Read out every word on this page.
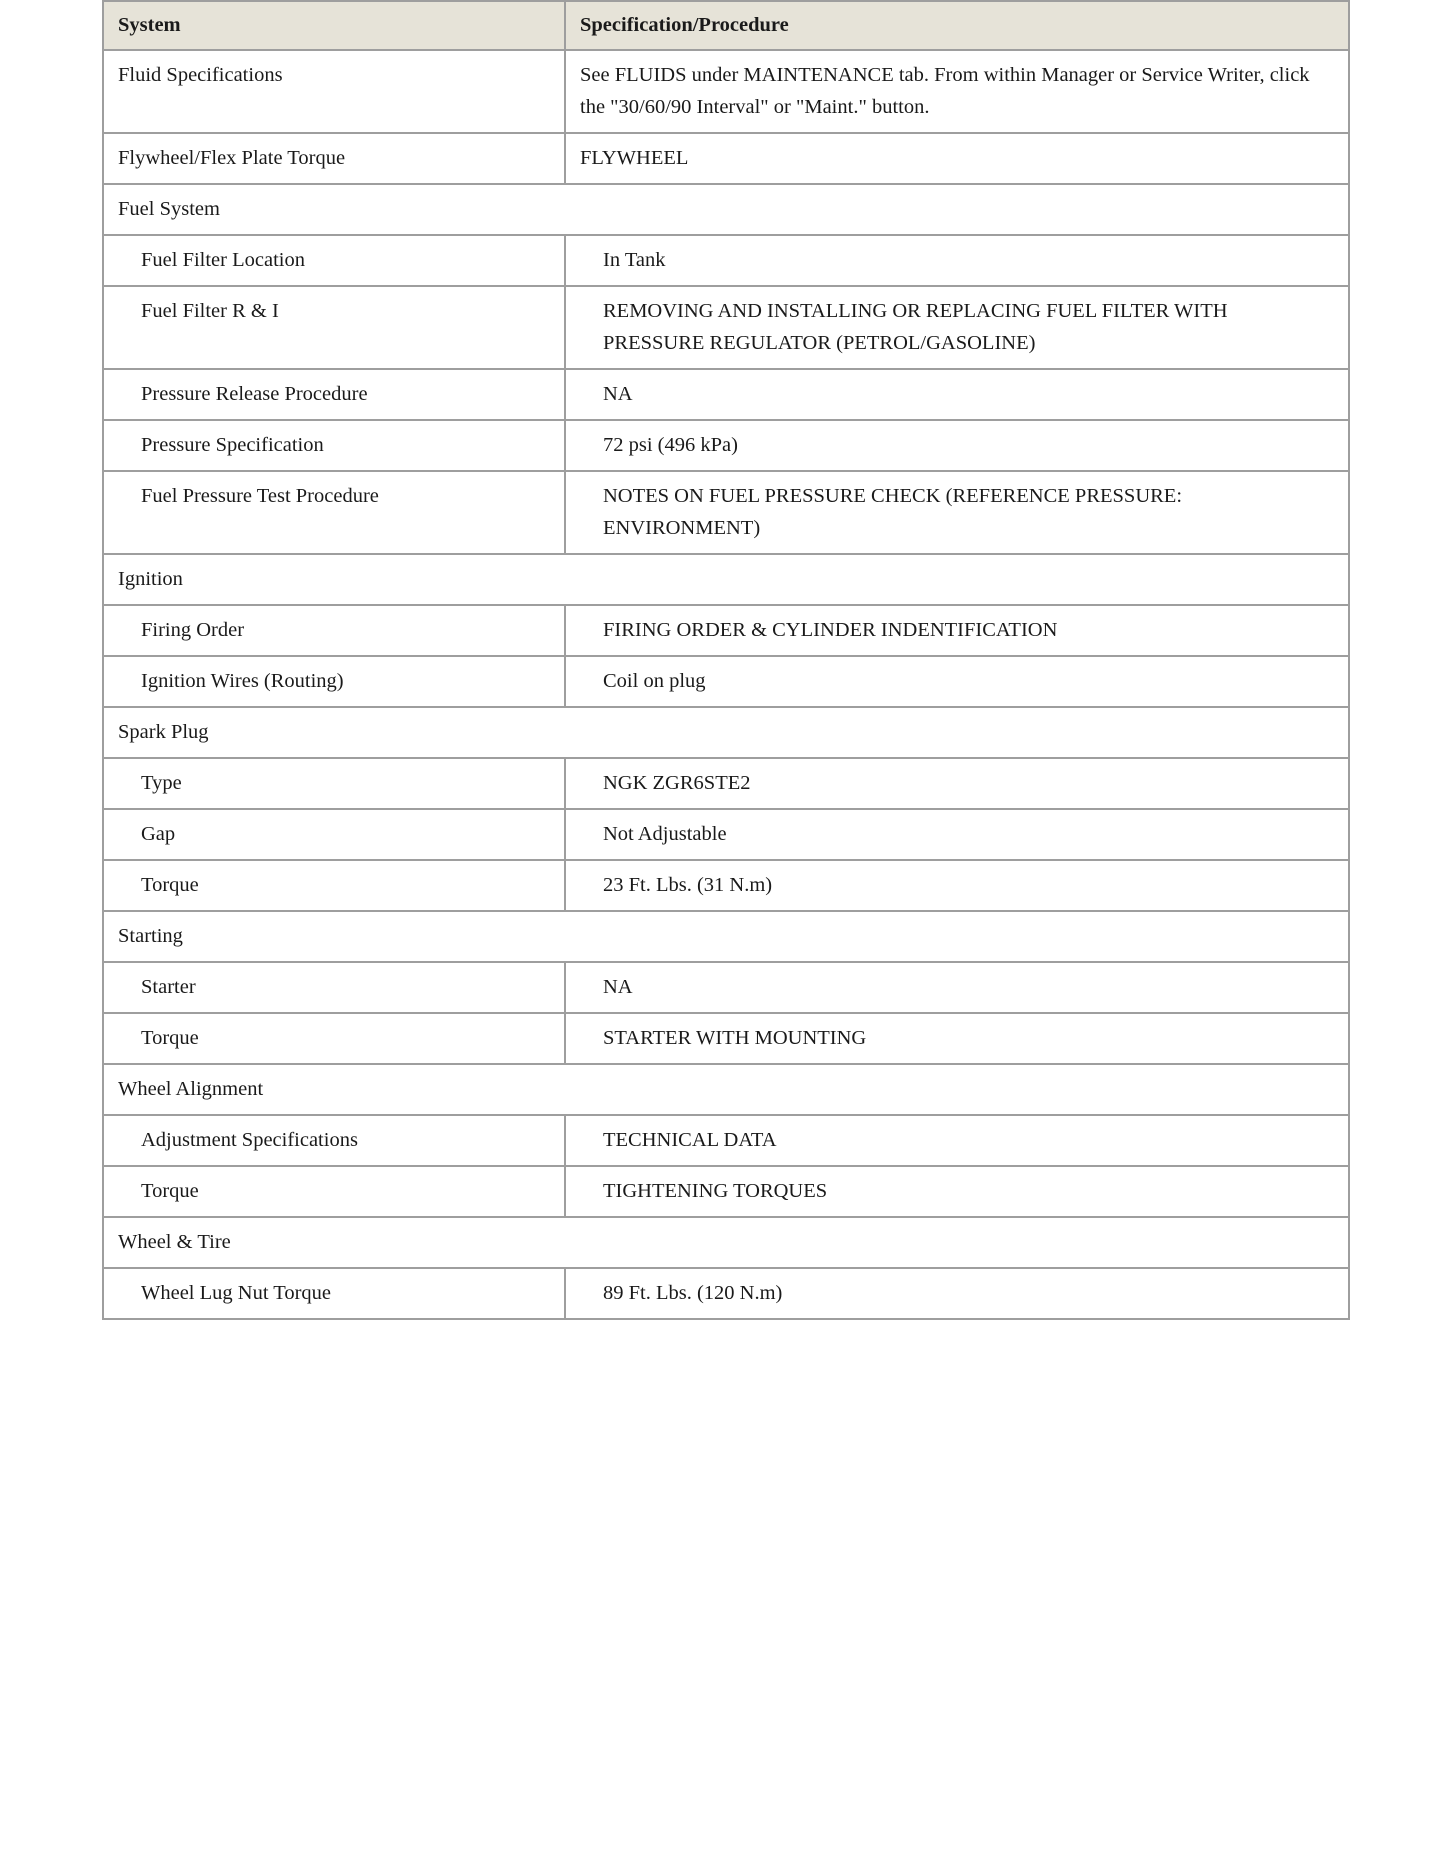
System	Specification/Procedure
Fluid Specifications	See FLUIDS under MAINTENANCE tab. From within Manager or Service Writer, click the "30/60/90 Interval" or "Maint." button.
Flywheel/Flex Plate Torque	FLYWHEEL
Fuel System	
Fuel Filter Location	In Tank
Fuel Filter R & I	REMOVING AND INSTALLING OR REPLACING FUEL FILTER WITH PRESSURE REGULATOR (PETROL/GASOLINE)
Pressure Release Procedure	NA
Pressure Specification	72 psi (496 kPa)
Fuel Pressure Test Procedure	NOTES ON FUEL PRESSURE CHECK (REFERENCE PRESSURE: ENVIRONMENT)
Ignition	
Firing Order	FIRING ORDER & CYLINDER INDENTIFICATION
Ignition Wires (Routing)	Coil on plug
Spark Plug	
Type	NGK ZGR6STE2
Gap	Not Adjustable
Torque	23 Ft. Lbs. (31 N.m)
Starting	
Starter	NA
Torque	STARTER WITH MOUNTING
Wheel Alignment	
Adjustment Specifications	TECHNICAL DATA
Torque	TIGHTENING TORQUES
Wheel & Tire	
Wheel Lug Nut Torque	89 Ft. Lbs. (120 N.m)
